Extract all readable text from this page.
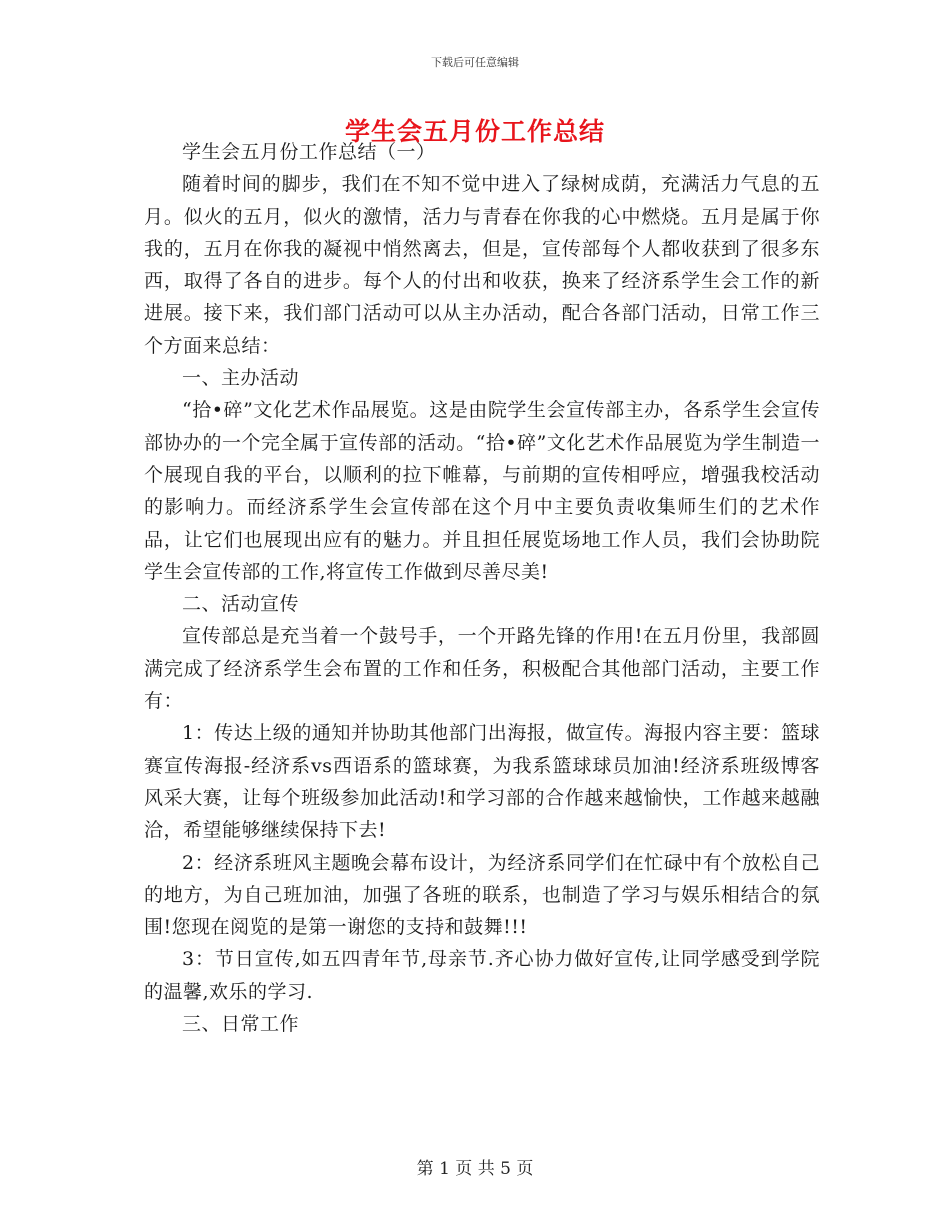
下载后可任意编辑
学生会五月份工作总结

学生会五月份工作总结（一）

随着时间的脚步，我们在不知不觉中进入了绿树成荫，充满活力气息的五月。似火的五月，似火的激情，活力与青春在你我的心中燃烧。五月是属于你我的，五月在你我的凝视中悄然离去，但是，宣传部每个人都收获到了很多东西，取得了各自的进步。每个人的付出和收获，换来了经济系学生会工作的新进展。接下来，我们部门活动可以从主办活动，配合各部门活动，日常工作三个方面来总结：

一、主办活动

“拾•碎”文化艺术作品展览。这是由院学生会宣传部主办，各系学生会宣传部协办的一个完全属于宣传部的活动。“拾•碎”文化艺术作品展览为学生制造一个展现自我的平台，以顺利的拉下帷幕，与前期的宣传相呼应，增强我校活动的影响力。而经济系学生会宣传部在这个月中主要负责收集师生们的艺术作品，让它们也展现出应有的魅力。并且担任展览场地工作人员，我们会协助院学生会宣传部的工作,将宣传工作做到尽善尽美!

二、活动宣传

宣传部总是充当着一个鼓号手，一个开路先锋的作用!在五月份里，我部圆满完成了经济系学生会布置的工作和任务，积极配合其他部门活动，主要工作有：

1：传达上级的通知并协助其他部门出海报，做宣传。海报内容主要：篮球赛宣传海报-经济系vs西语系的篮球赛，为我系篮球球员加油!经济系班级博客风采大赛，让每个班级参加此活动!和学习部的合作越来越愉快，工作越来越融洽，希望能够继续保持下去!

2：经济系班风主题晚会幕布设计，为经济系同学们在忙碌中有个放松自己的地方，为自己班加油，加强了各班的联系，也制造了学习与娱乐相结合的氛围!您现在阅览的是第一谢您的支持和鼓舞!!!

3：节日宣传,如五四青年节,母亲节.齐心协力做好宣传,让同学感受到学院的温馨,欢乐的学习.

三、日常工作

第 1 页 共 5 页
